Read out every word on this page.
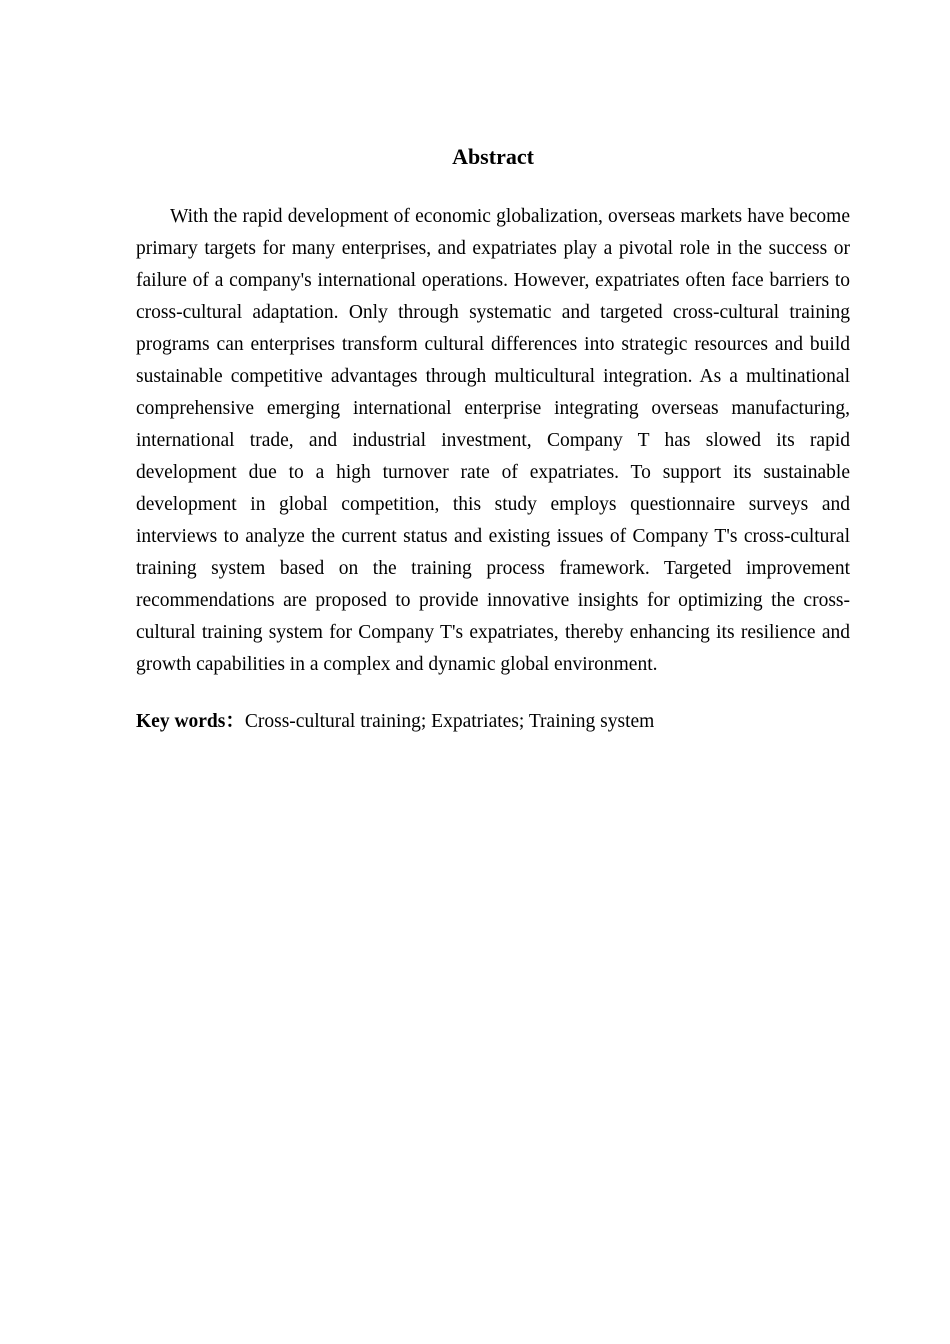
Abstract

With the rapid development of economic globalization, overseas markets have become primary targets for many enterprises, and expatriates play a pivotal role in the success or failure of a company's international operations. However, expatriates often face barriers to cross-cultural adaptation. Only through systematic and targeted cross-cultural training programs can enterprises transform cultural differences into strategic resources and build sustainable competitive advantages through multicultural integration. As a multinational comprehensive emerging international enterprise integrating overseas manufacturing, international trade, and industrial investment, Company T has slowed its rapid development due to a high turnover rate of expatriates. To support its sustainable development in global competition, this study employs questionnaire surveys and interviews to analyze the current status and existing issues of Company T's cross-cultural training system based on the training process framework. Targeted improvement recommendations are proposed to provide innovative insights for optimizing the cross-cultural training system for Company T's expatriates, thereby enhancing its resilience and growth capabilities in a complex and dynamic global environment.

Key words：Cross-cultural training; Expatriates; Training system
